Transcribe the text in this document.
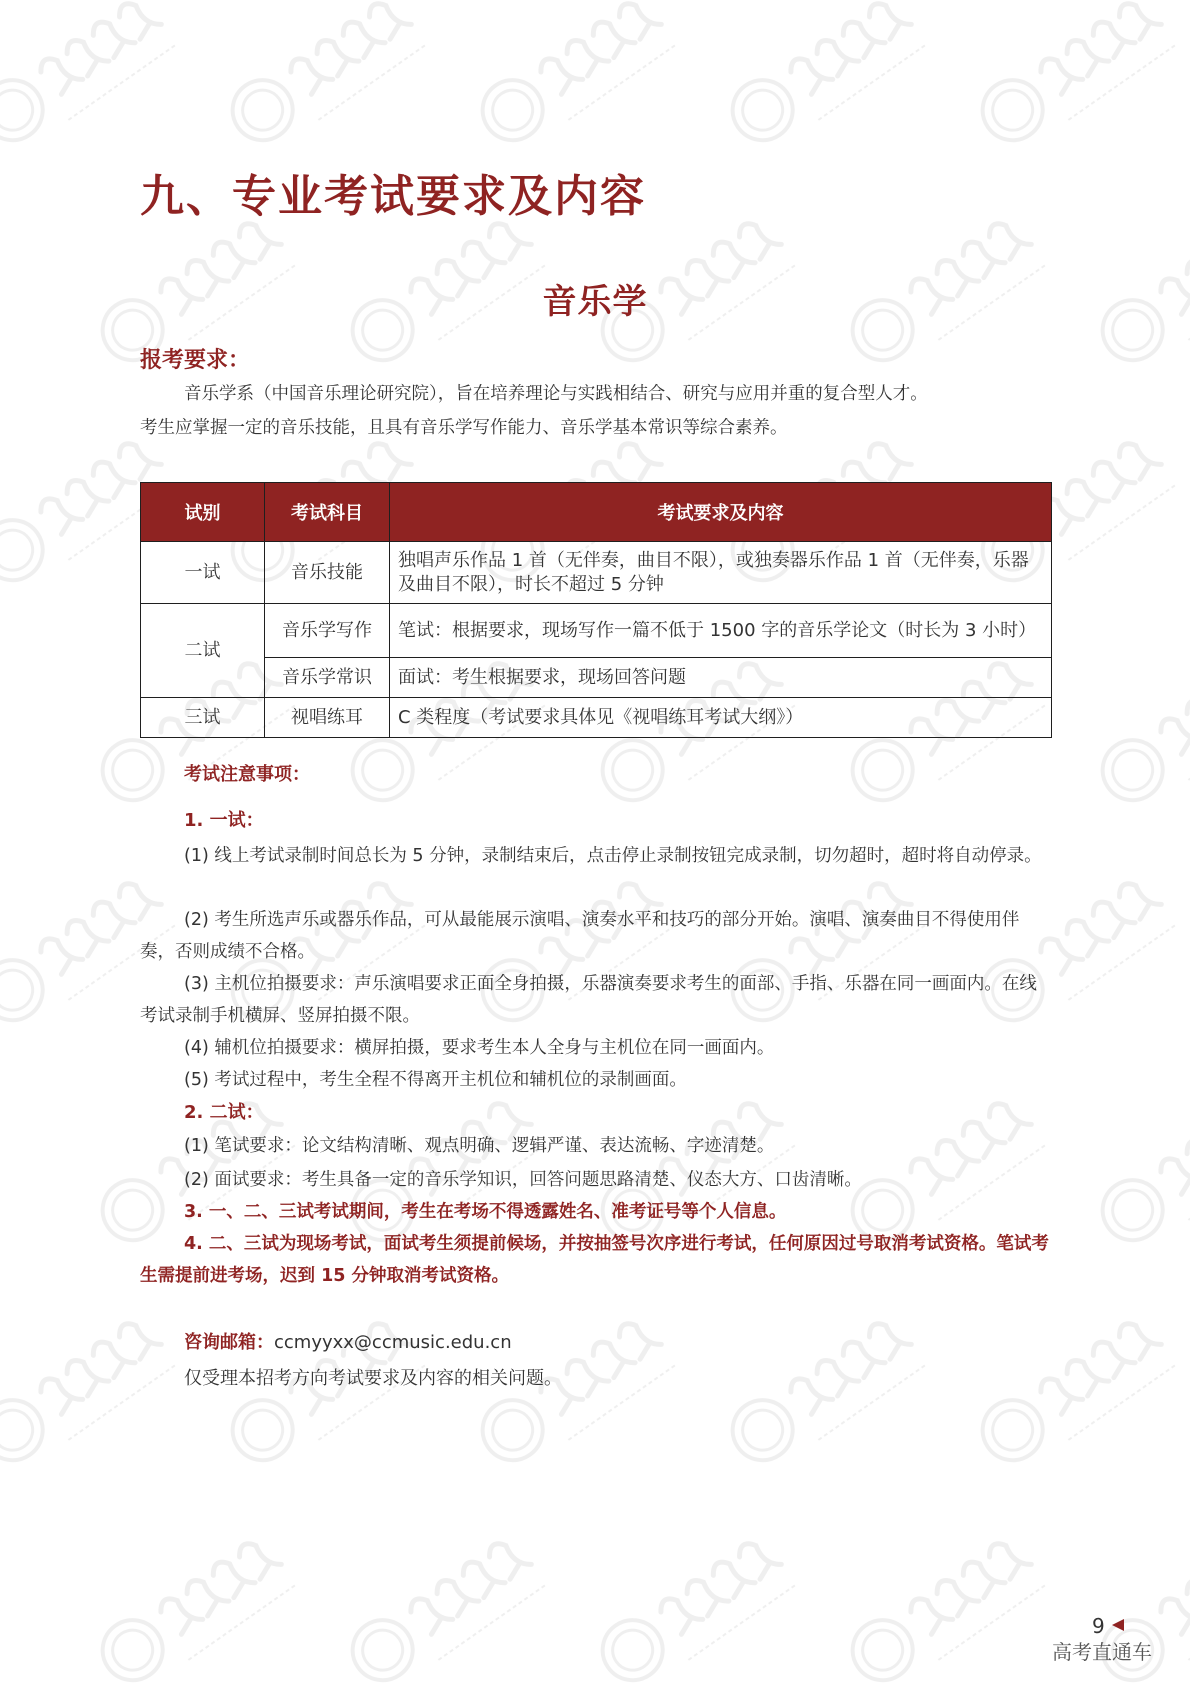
九、专业考试要求及内容
音乐学
报考要求：
音乐学系（中国音乐理论研究院），旨在培养理论与实践相结合、研究与应用并重的复合型人才。
考生应掌握一定的音乐技能，且具有音乐学写作能力、音乐学基本常识等综合素养。
试别	考试科目	考试要求及内容
一试	音乐技能	独唱声乐作品 1 首（无伴奏，曲目不限），或独奏器乐作品 1 首（无伴奏，乐器及曲目不限），时长不超过 5 分钟
二试	音乐学写作	笔试：根据要求，现场写作一篇不低于 1500 字的音乐学论文（时长为 3 小时）
	音乐学常识	面试：考生根据要求，现场回答问题
三试	视唱练耳	C 类程度（考试要求具体见《视唱练耳考试大纲》）
考试注意事项：
1. 一试：
(1) 线上考试录制时间总长为 5 分钟，录制结束后，点击停止录制按钮完成录制，切勿超时，超时将自动停录。
(2) 考生所选声乐或器乐作品，可从最能展示演唱、演奏水平和技巧的部分开始。演唱、演奏曲目不得使用伴奏，否则成绩不合格。
(3) 主机位拍摄要求：声乐演唱要求正面全身拍摄，乐器演奏要求考生的面部、手指、乐器在同一画面内。在线考试录制手机横屏、竖屏拍摄不限。
(4) 辅机位拍摄要求：横屏拍摄，要求考生本人全身与主机位在同一画面内。
(5) 考试过程中，考生全程不得离开主机位和辅机位的录制画面。
2. 二试：
(1) 笔试要求：论文结构清晰、观点明确、逻辑严谨、表达流畅、字迹清楚。
(2) 面试要求：考生具备一定的音乐学知识，回答问题思路清楚、仪态大方、口齿清晰。
3. 一、二、三试考试期间，考生在考场不得透露姓名、准考证号等个人信息。
4. 二、三试为现场考试，面试考生须提前候场，并按抽签号次序进行考试，任何原因过号取消考试资格。笔试考生需提前进考场，迟到 15 分钟取消考试资格。
咨询邮箱：ccmyyxx@ccmusic.edu.cn
仅受理本招考方向考试要求及内容的相关问题。
9
高考直通车
